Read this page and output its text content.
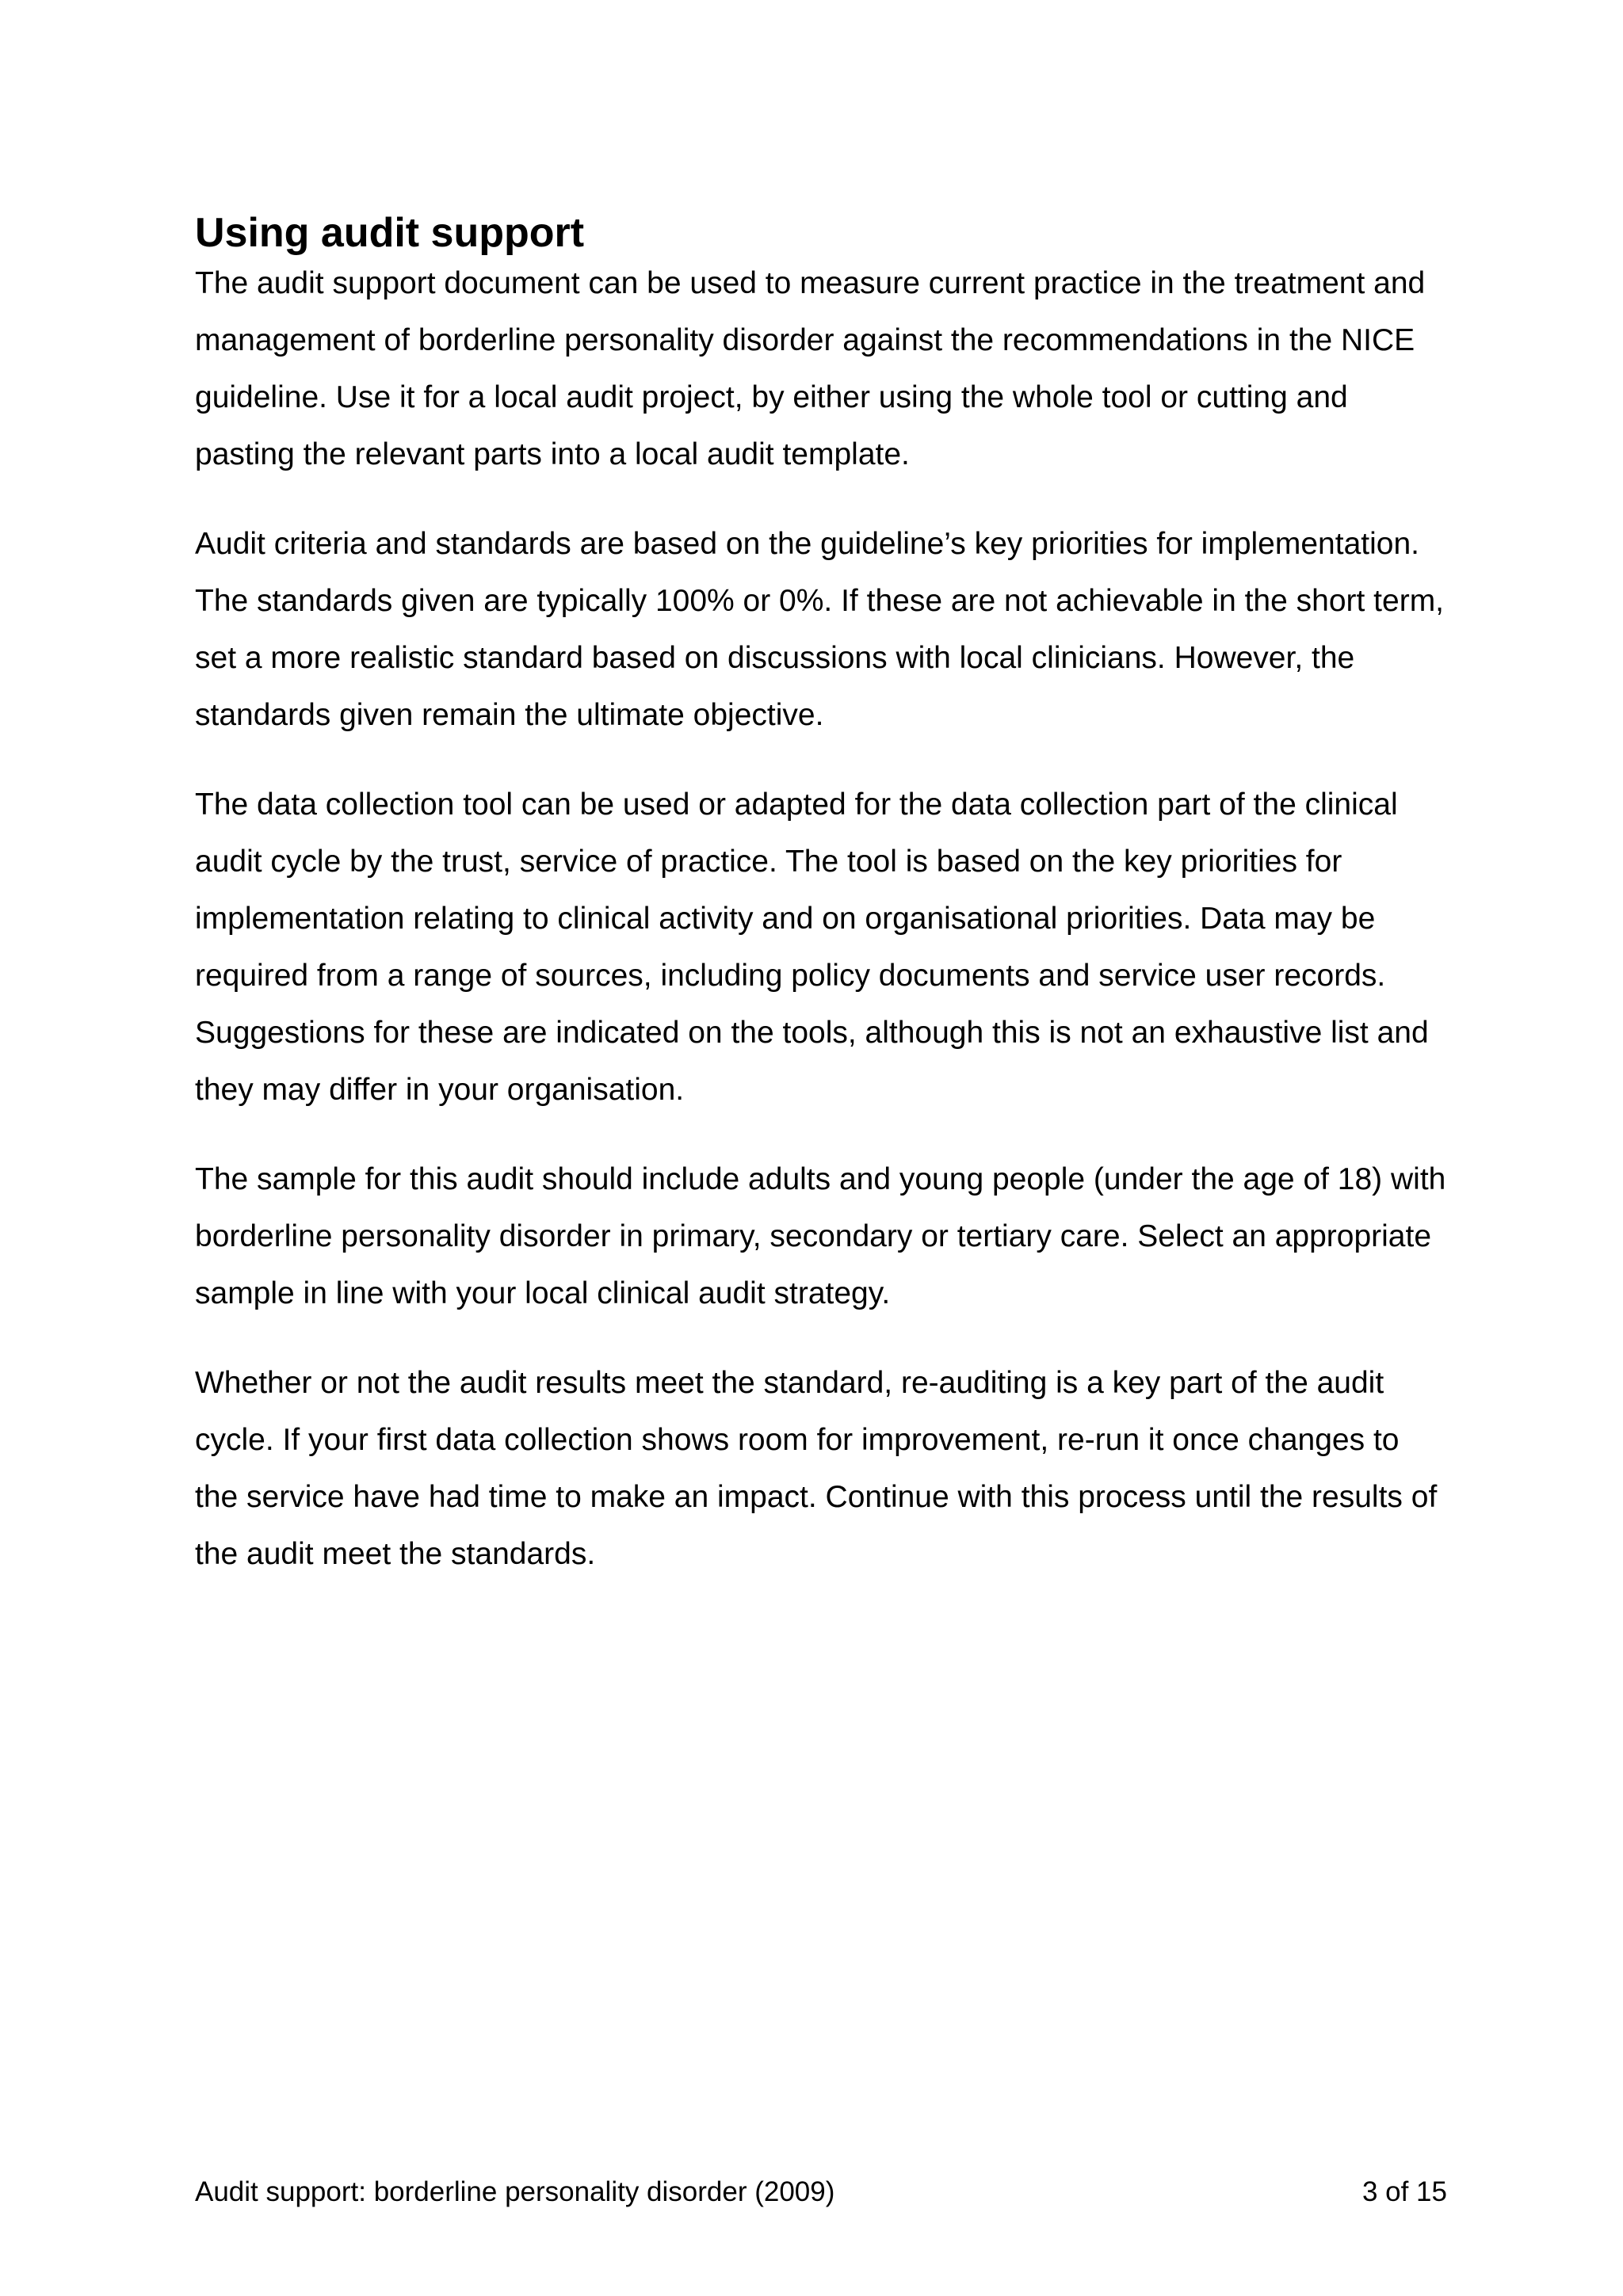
Using audit support

The audit support document can be used to measure current practice in the treatment and management of borderline personality disorder against the recommendations in the NICE guideline. Use it for a local audit project, by either using the whole tool or cutting and pasting the relevant parts into a local audit template.

Audit criteria and standards are based on the guideline’s key priorities for implementation. The standards given are typically 100% or 0%. If these are not achievable in the short term, set a more realistic standard based on discussions with local clinicians. However, the standards given remain the ultimate objective.

The data collection tool can be used or adapted for the data collection part of the clinical audit cycle by the trust, service of practice. The tool is based on the key priorities for implementation relating to clinical activity and on organisational priorities. Data may be required from a range of sources, including policy documents and service user records. Suggestions for these are indicated on the tools, although this is not an exhaustive list and they may differ in your organisation.

The sample for this audit should include adults and young people (under the age of 18) with borderline personality disorder in primary, secondary or tertiary care. Select an appropriate sample in line with your local clinical audit strategy.

Whether or not the audit results meet the standard, re-auditing is a key part of the audit cycle. If your first data collection shows room for improvement, re-run it once changes to the service have had time to make an impact. Continue with this process until the results of the audit meet the standards.

Audit support: borderline personality disorder (2009)	3 of 15
